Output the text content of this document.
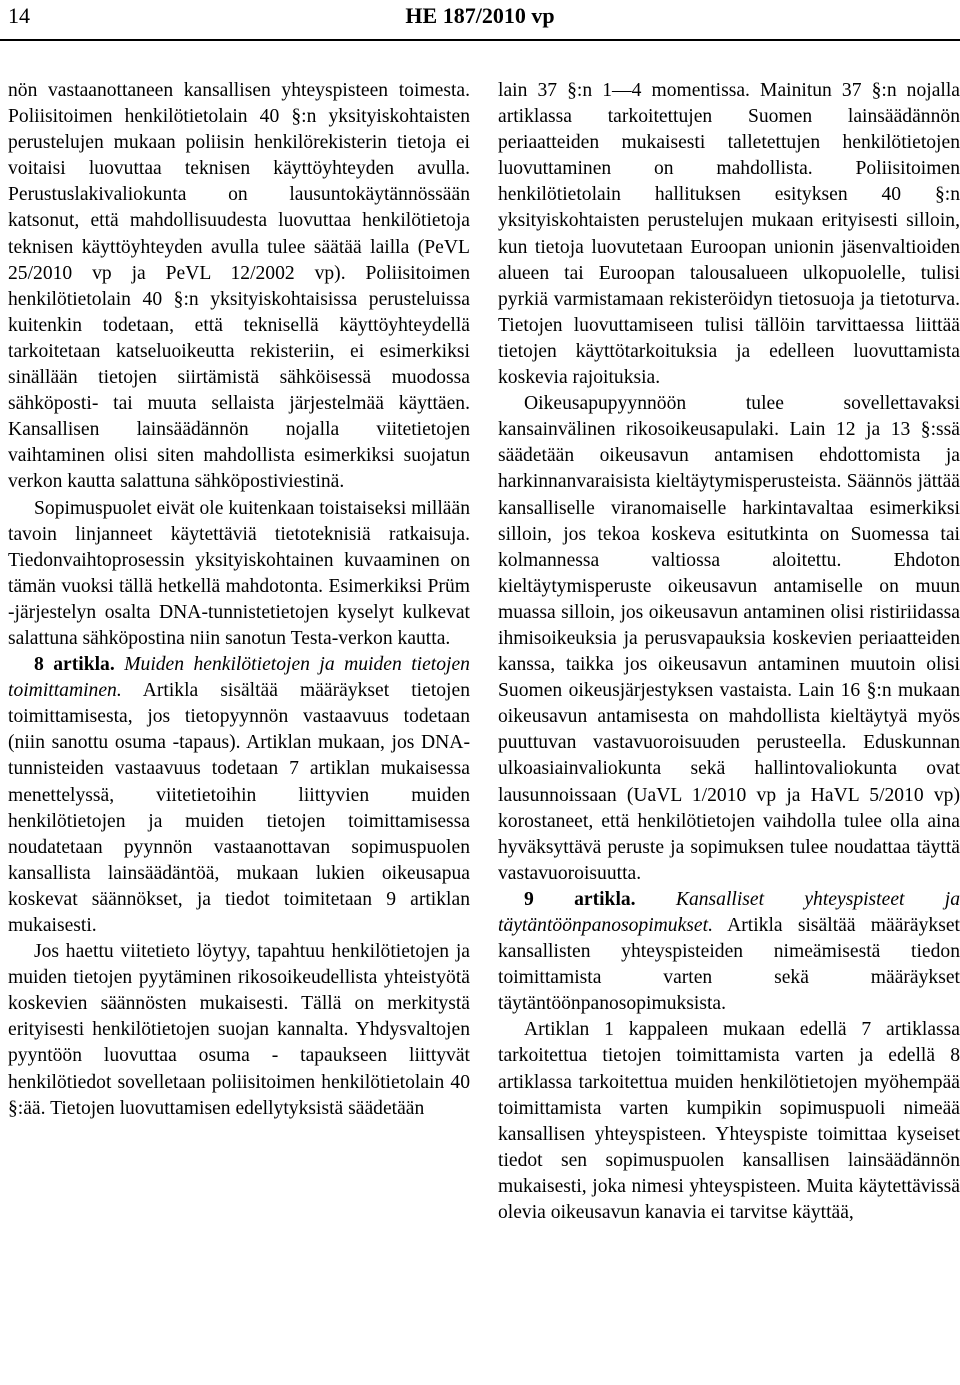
14	HE 187/2010 vp

nön vastaanottaneen kansallisen yhteyspisteen toimesta. Poliisitoimen henkilötietolain 40 §:n yksityiskohtaisten perustelujen mukaan poliisin henkilörekisterin tietoja ei voitaisi luovuttaa teknisen käyttöyhteyden avulla. Perustuslakivaliokunta on lausuntokäytännössään katsonut, että mahdollisuudesta luovuttaa henkilötietoja teknisen käyttöyhteyden avulla tulee säätää lailla (PeVL 25/2010 vp ja PeVL 12/2002 vp). Poliisitoimen henkilötietolain 40 §:n yksityiskohtaisissa perusteluissa kuitenkin todetaan, että teknisellä käyttöyhteydellä tarkoitetaan katseluoikeutta rekisteriin, ei esimerkiksi sinällään tietojen siirtämistä sähköisessä muodossa sähköposti- tai muuta sellaista järjestelmää käyttäen. Kansallisen lainsäädännön nojalla viitetietojen vaihtaminen olisi siten mahdollista esimerkiksi suojatun verkon kautta salattuna sähköpostiviestinä.

Sopimuspuolet eivät ole kuitenkaan toistaiseksi millään tavoin linjanneet käytettäviä tietoteknisiä ratkaisuja. Tiedonvaihtoprosessin yksityiskohtainen kuvaaminen on tämän vuoksi tällä hetkellä mahdotonta. Esimerkiksi Prüm -järjestelyn osalta DNA-tunnistetietojen kyselyt kulkevat salattuna sähköpostina niin sanotun Testa-verkon kautta.

8 artikla. Muiden henkilötietojen ja muiden tietojen toimittaminen. Artikla sisältää määräykset tietojen toimittamisesta, jos tietopyynnön vastaavuus todetaan (niin sanottu osuma -tapaus). Artiklan mukaan, jos DNA-tunnisteiden vastaavuus todetaan 7 artiklan mukaisessa menettelyssä, viitetietoihin liittyvien muiden henkilötietojen ja muiden tietojen toimittamisessa noudatetaan pyynnön vastaanottavan sopimuspuolen kansallista lainsäädäntöä, mukaan lukien oikeusapua koskevat säännökset, ja tiedot toimitetaan 9 artiklan mukaisesti.

Jos haettu viitetieto löytyy, tapahtuu henkilötietojen ja muiden tietojen pyytäminen rikosoikeudellista yhteistyötä koskevien säännösten mukaisesti. Tällä on merkitystä erityisesti henkilötietojen suojan kannalta. Yhdysvaltojen pyyntöön luovuttaa osuma - tapaukseen liittyvät henkilötiedot sovelletaan poliisitoimen henkilötietolain 40 §:ää. Tietojen luovuttamisen edellytyksistä säädetään

lain 37 §:n 1—4 momentissa. Mainitun 37 §:n nojalla artiklassa tarkoitettujen Suomen lainsäädännön periaatteiden mukaisesti talletettujen henkilötietojen luovuttaminen on mahdollista. Poliisitoimen henkilötietolain hallituksen esityksen 40 §:n yksityiskohtaisten perustelujen mukaan erityisesti silloin, kun tietoja luovutetaan Euroopan unionin jäsenvaltioiden alueen tai Euroopan talousalueen ulkopuolelle, tulisi pyrkiä varmistamaan rekisteröidyn tietosuoja ja tietoturva. Tietojen luovuttamiseen tulisi tällöin tarvittaessa liittää tietojen käyttötarkoituksia ja edelleen luovuttamista koskevia rajoituksia.

Oikeusapupyynnöön tulee sovellettavaksi kansainvälinen rikosoikeusapulaki. Lain 12 ja 13 §:ssä säädetään oikeusavun antamisen ehdottomista ja harkinnanvaraisista kieltäytymisperusteista. Säännös jättää kansalliselle viranomaiselle harkintavaltaa esimerkiksi silloin, jos tekoa koskeva esitutkinta on Suomessa tai kolmannessa valtiossa aloitettu. Ehdoton kieltäytymisperuste oikeusavun antamiselle on muun muassa silloin, jos oikeusavun antaminen olisi ristiriidassa ihmisoikeuksia ja perusvapauksia koskevien periaatteiden kanssa, taikka jos oikeusavun antaminen muutoin olisi Suomen oikeusjärjestyksen vastaista. Lain 16 §:n mukaan oikeusavun antamisesta on mahdollista kieltäytyä myös puuttuvan vastavuoroisuuden perusteella. Eduskunnan ulkoasiainvaliokunta sekä hallintovaliokunta ovat lausunnoissaan (UaVL 1/2010 vp ja HaVL 5/2010 vp) korostaneet, että henkilötietojen vaihdolla tulee olla aina hyväksyttävä peruste ja sopimuksen tulee noudattaa täyttä vastavuoroisuutta.

9 artikla. Kansalliset yhteyspisteet ja täytäntöönpanosopimukset. Artikla sisältää määräykset kansallisten yhteyspisteiden nimeämisestä tiedon toimittamista varten sekä määräykset täytäntöönpanosopimuksista.

Artiklan 1 kappaleen mukaan edellä 7 artiklassa tarkoitettua tietojen toimittamista varten ja edellä 8 artiklassa tarkoitettua muiden henkilötietojen myöhempää toimittamista varten kumpikin sopimuspuoli nimeää kansallisen yhteyspisteen. Yhteyspiste toimittaa kyseiset tiedot sen sopimuspuolen kansallisen lainsäädännön mukaisesti, joka nimesi yhteyspisteen. Muita käytettävissä olevia oikeusavun kanavia ei tarvitse käyttää,
